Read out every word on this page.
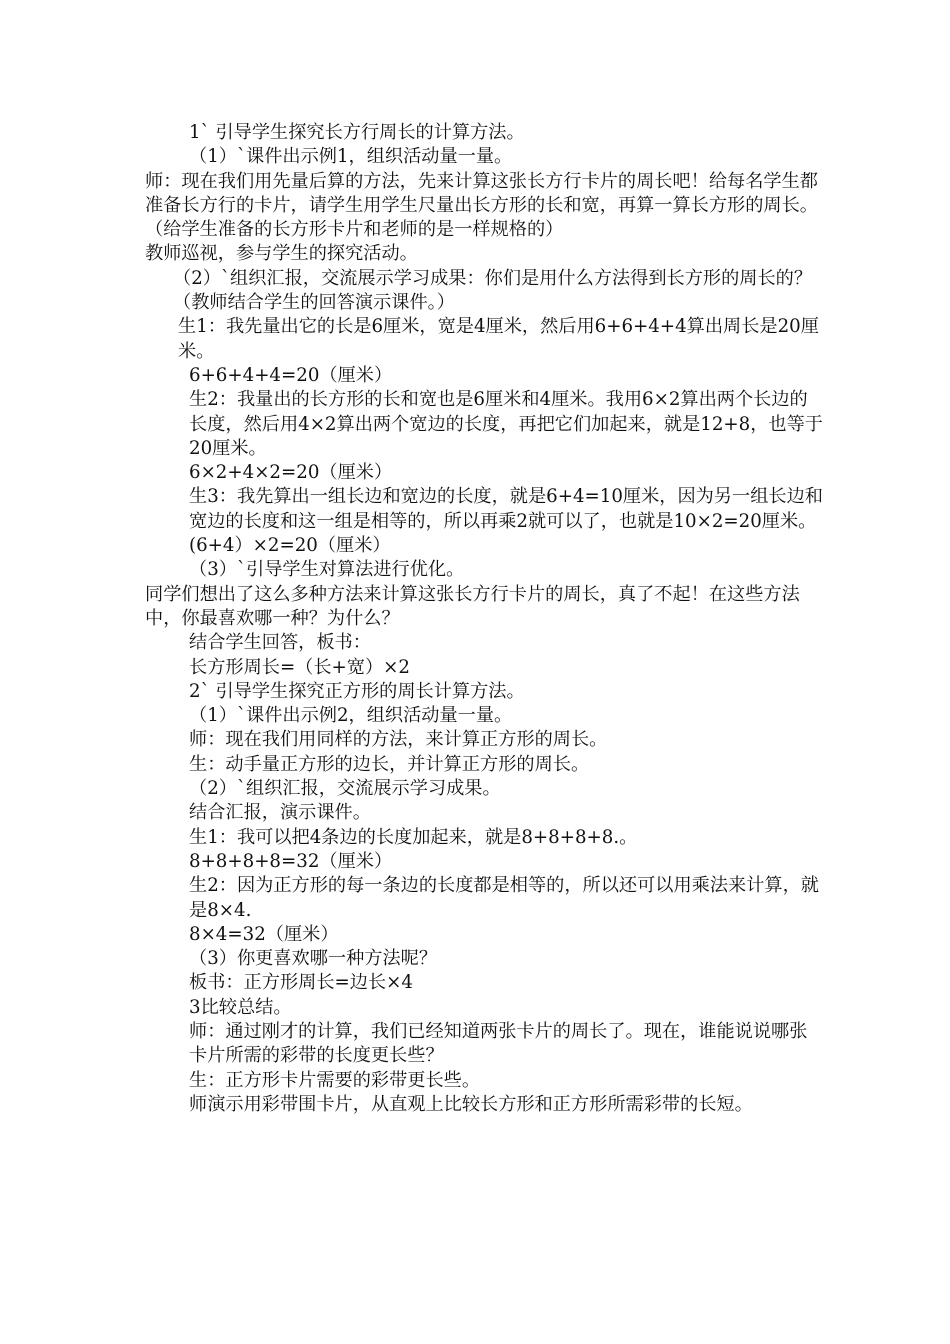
1` 引导学生探究长方行周长的计算方法。

（1）`课件出示例1，组织活动量一量。

师：现在我们用先量后算的方法，先来计算这张长方行卡片的周长吧！给每名学生都准备长方行的卡片，请学生用学生尺量出长方形的长和宽，再算一算长方形的周长。（给学生准备的长方形卡片和老师的是一样规格的）

教师巡视，参与学生的探究活动。

（2）`组织汇报，交流展示学习成果：你们是用什么方法得到长方形的周长的？（教师结合学生的回答演示课件。）

生1：我先量出它的长是6厘米，宽是4厘米，然后用6+6+4+4算出周长是20厘米。

6+6+4+4=20（厘米）

生2：我量出的长方形的长和宽也是6厘米和4厘米。我用6×2算出两个长边的长度，然后用4×2算出两个宽边的长度，再把它们加起来，就是12+8，也等于20厘米。

6×2+4×2=20（厘米）

生3：我先算出一组长边和宽边的长度，就是6+4=10厘米，因为另一组长边和宽边的长度和这一组是相等的，所以再乘2就可以了，也就是10×2=20厘米。

(6+4）×2=20（厘米）

（3）`引导学生对算法进行优化。

同学们想出了这么多种方法来计算这张长方行卡片的周长，真了不起！在这些方法中，你最喜欢哪一种？为什么？

结合学生回答，板书：

长方形周长=（长+宽）×2

2` 引导学生探究正方形的周长计算方法。

（1）`课件出示例2，组织活动量一量。

师：现在我们用同样的方法，来计算正方形的周长。

生：动手量正方形的边长，并计算正方形的周长。

（2）`组织汇报，交流展示学习成果。

结合汇报，演示课件。

生1：我可以把4条边的长度加起来，就是8+8+8+8.。

8+8+8+8=32（厘米）

生2：因为正方形的每一条边的长度都是相等的，所以还可以用乘法来计算，就是8×4.

8×4=32（厘米）

（3）你更喜欢哪一种方法呢？

板书：正方形周长=边长×4

3比较总结。

师：通过刚才的计算，我们已经知道两张卡片的周长了。现在，谁能说说哪张卡片所需的彩带的长度更长些？

生：正方形卡片需要的彩带更长些。

师演示用彩带围卡片，从直观上比较长方形和正方形所需彩带的长短。
